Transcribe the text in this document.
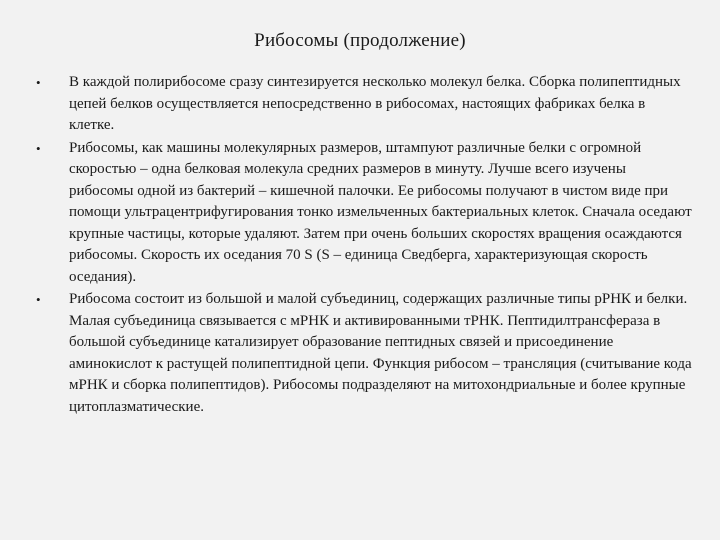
Рибосомы (продолжение)
• В каждой полирибосоме сразу синтезируется несколько молекул белка. Сборка полипептидных цепей белков осуществляется непосредственно в рибосомах, настоящих фабриках белка в клетке.
• Рибосомы, как машины молекулярных размеров, штампуют различные белки с огромной скоростью – одна белковая молекула средних размеров в минуту. Лучше всего изучены рибосомы одной из бактерий – кишечной палочки. Ее рибосомы получают в чистом виде при помощи ультрацентрифугирования тонко измельченных бактериальных клеток. Сначала оседают крупные частицы, которые удаляют. Затем при очень больших скоростях вращения осаждаются рибосомы. Скорость их оседания 70 S (S – единица Сведберга, характеризующая скорость оседания).
• Рибосома состоит из большой и малой субъединиц, содержащих различные типы рРНК и белки. Малая субъединица связывается с мРНК и активированными тРНК. Пептидилтрансфераза в большой субъединице катализирует образование пептидных связей и присоединение аминокислот к растущей полипептидной цепи. Функция рибосом – трансляция (считывание кода мРНК и сборка полипептидов). Рибосомы подразделяют на митохондриальные и более крупные цитоплазматические.
